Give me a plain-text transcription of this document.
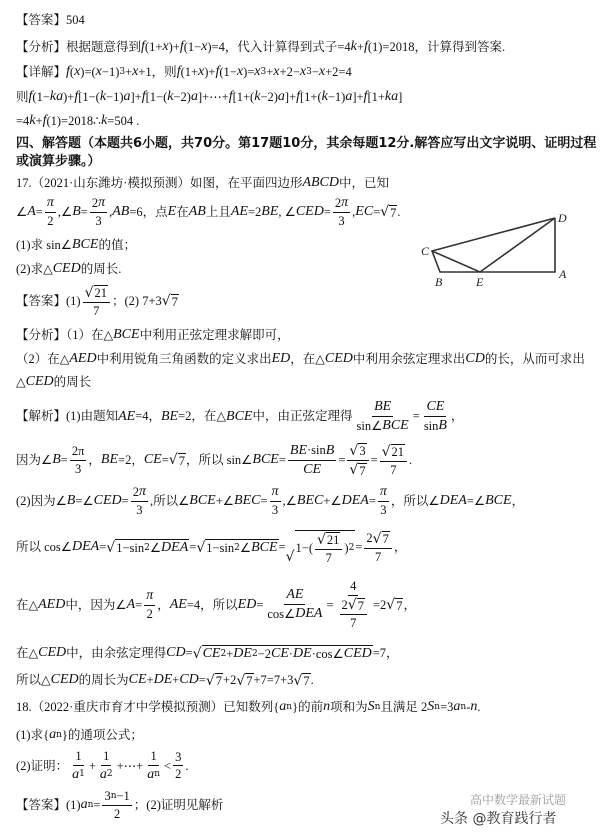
四、解答题（本题共6小题，共70分。第17题10分，其余每题12分.解答应写出文字说明、证明过程或演算步骤。）
【答案】504
【分析】根据题意得到 f (1+ x )+ f (1− x )=4，代入计算得到式子=4 k + f (1)=2018，计算得到答案.
【详解】 f ( x )=( x −1) 3 + x +1，则 f (1+ x )+ f (1− x )= x 3 + x +2− x 3 − x +2=4
则 f (1− ka )+ f [1−( k −1) a ]+ f [1−( k −2) a ]+⋯+ f [1+( k −2) a ]+ f [1+( k −1) a ]+ f [1+ ka ]
=4 k + f (1)=2018∴ k =504 .
17.（2021·山东潍坊·模拟预测）如图，在平面四边形 ABCD 中，已知
∠ $A = \frac{\pi}{2}$ ,∠ $B = \frac{2 \pi}{3}$ , AB =6，点 E 在 AB 上且 AE =2 BE , ∠ CED = $\frac{2 \pi}{3}$ , EC = √ 7 .
(1)求 sin∠ BCE 的值；
(2)求△ CED 的周长.
【答案】$(1) \frac{√ 21}{7}$ ；(2) 7+3 √ 7
【分析】（1）在△ BCE 中利用正弦定理求解即可，
（2）在△ AED 中利用锐角三角函数的定义求出 ED ，在△ CED 中利用余弦定理求出 CD 的长，从而可求出
△ CED 的周长
【解析】(1)由题知 AE =4， BE =2，在△ BCE 中，由正弦定理得
BE
sin∠ BCE
= $\frac{CE}{\text{sin B}}$ ，
因为∠ $B = \frac{2\pi}{3}$ ， BE =2， CE = √ 7 ，所以 sin∠ BCE = $\frac{\text{BE ·sin B}}{CE} = \frac{√ 3}{√ 7} = \frac{√ 21}{7}$ .
(2)因为∠ B =∠ CED = $\frac{2 \pi}{3}$ ,所以∠ BCE +∠ BEC = $\frac{\pi}{3}$ ,∠ BEC +∠ DEA = $\frac{\pi}{3}$ ，所以∠ DEA =∠ BCE ，
所以 cos∠ DEA = √ 1−sin 2 ∠ DEA = √ 1−sin 2 ∠ BCE =
√
$1-( \frac{√ 21}{7}$ ) $2 = \frac{2 √ 7}{7}$ ，
在△ AED 中，因为∠ $A = \frac{\pi}{2}$ ， AE =4，所以 ED =
AE
cos∠ DEA
= $\frac{4}{\frac{2 √ 7}{7}} =2$ √ 7 ，
在△ CED 中，由余弦定理得 CD = √ CE 2 + DE 2 −2 CE · DE ·cos∠ CED =7，
所以△ CED 的周长为 CE + DE + CD = √ 7 +2 √ 7 +7=7+3 √ 7 .
18.（2022·重庆市育才中学模拟预测）已知数列{ a n }的前 n 项和为 S n 且满足 2 S n =3 a n - n .
(1)求{ a n }的通项公式；
(2)证明： $\frac{1}{a 1} + \frac{1}{a 2}$ +⋯+ $\frac{1}{\text{a n}} < \frac{3}{2}$ .
【答案】(1) a $n = \frac{3 n -1}{2}$ ；(2)证明见解析
D
C
B	E
A
高中数学最新试题
头条 @教育践行者
